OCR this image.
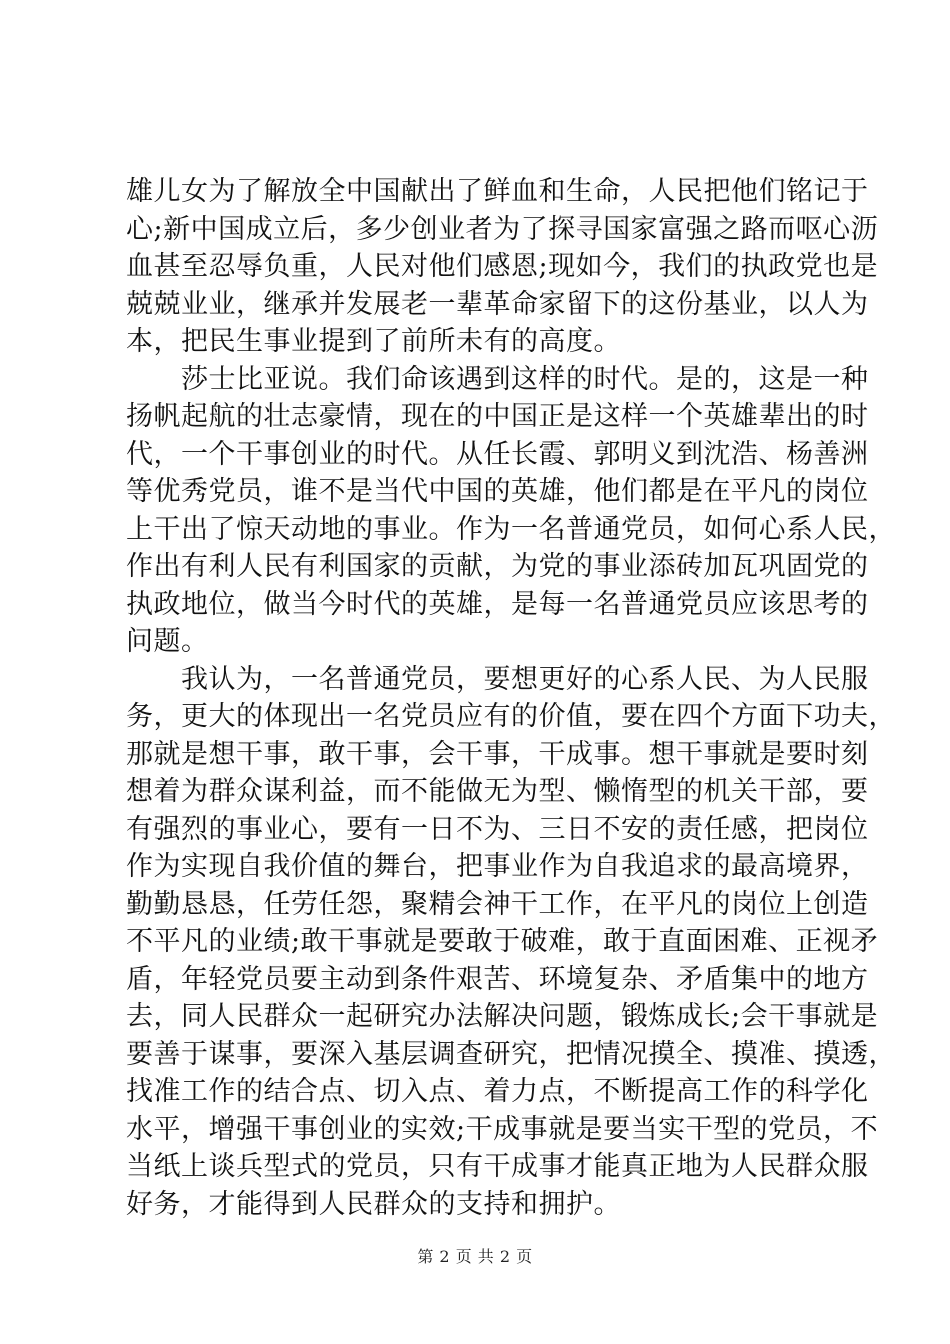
雄儿女为了解放全中国献出了鲜血和生命，人民把他们铭记于
心;新中国成立后，多少创业者为了探寻国家富强之路而呕心沥
血甚至忍辱负重，人民对他们感恩;现如今，我们的执政党也是
兢兢业业，继承并发展老一辈革命家留下的这份基业，以人为
本，把民生事业提到了前所未有的高度。
莎士比亚说。我们命该遇到这样的时代。是的，这是一种
扬帆起航的壮志豪情，现在的中国正是这样一个英雄辈出的时
代，一个干事创业的时代。从任长霞、郭明义到沈浩、杨善洲
等优秀党员，谁不是当代中国的英雄，他们都是在平凡的岗位
上干出了惊天动地的事业。作为一名普通党员，如何心系人民，
作出有利人民有利国家的贡献，为党的事业添砖加瓦巩固党的
执政地位，做当今时代的英雄，是每一名普通党员应该思考的
问题。
我认为，一名普通党员，要想更好的心系人民、为人民服
务，更大的体现出一名党员应有的价值，要在四个方面下功夫，
那就是想干事，敢干事，会干事，干成事。想干事就是要时刻
想着为群众谋利益，而不能做无为型、懒惰型的机关干部，要
有强烈的事业心，要有一日不为、三日不安的责任感，把岗位
作为实现自我价值的舞台，把事业作为自我追求的最高境界，
勤勤恳恳，任劳任怨，聚精会神干工作，在平凡的岗位上创造
不平凡的业绩;敢干事就是要敢于破难，敢于直面困难、正视矛
盾，年轻党员要主动到条件艰苦、环境复杂、矛盾集中的地方
去，同人民群众一起研究办法解决问题，锻炼成长;会干事就是
要善于谋事，要深入基层调查研究，把情况摸全、摸准、摸透，
找准工作的结合点、切入点、着力点，不断提高工作的科学化
水平，增强干事创业的实效;干成事就是要当实干型的党员，不
当纸上谈兵型式的党员，只有干成事才能真正地为人民群众服
好务，才能得到人民群众的支持和拥护。
第 2 页 共 2 页
